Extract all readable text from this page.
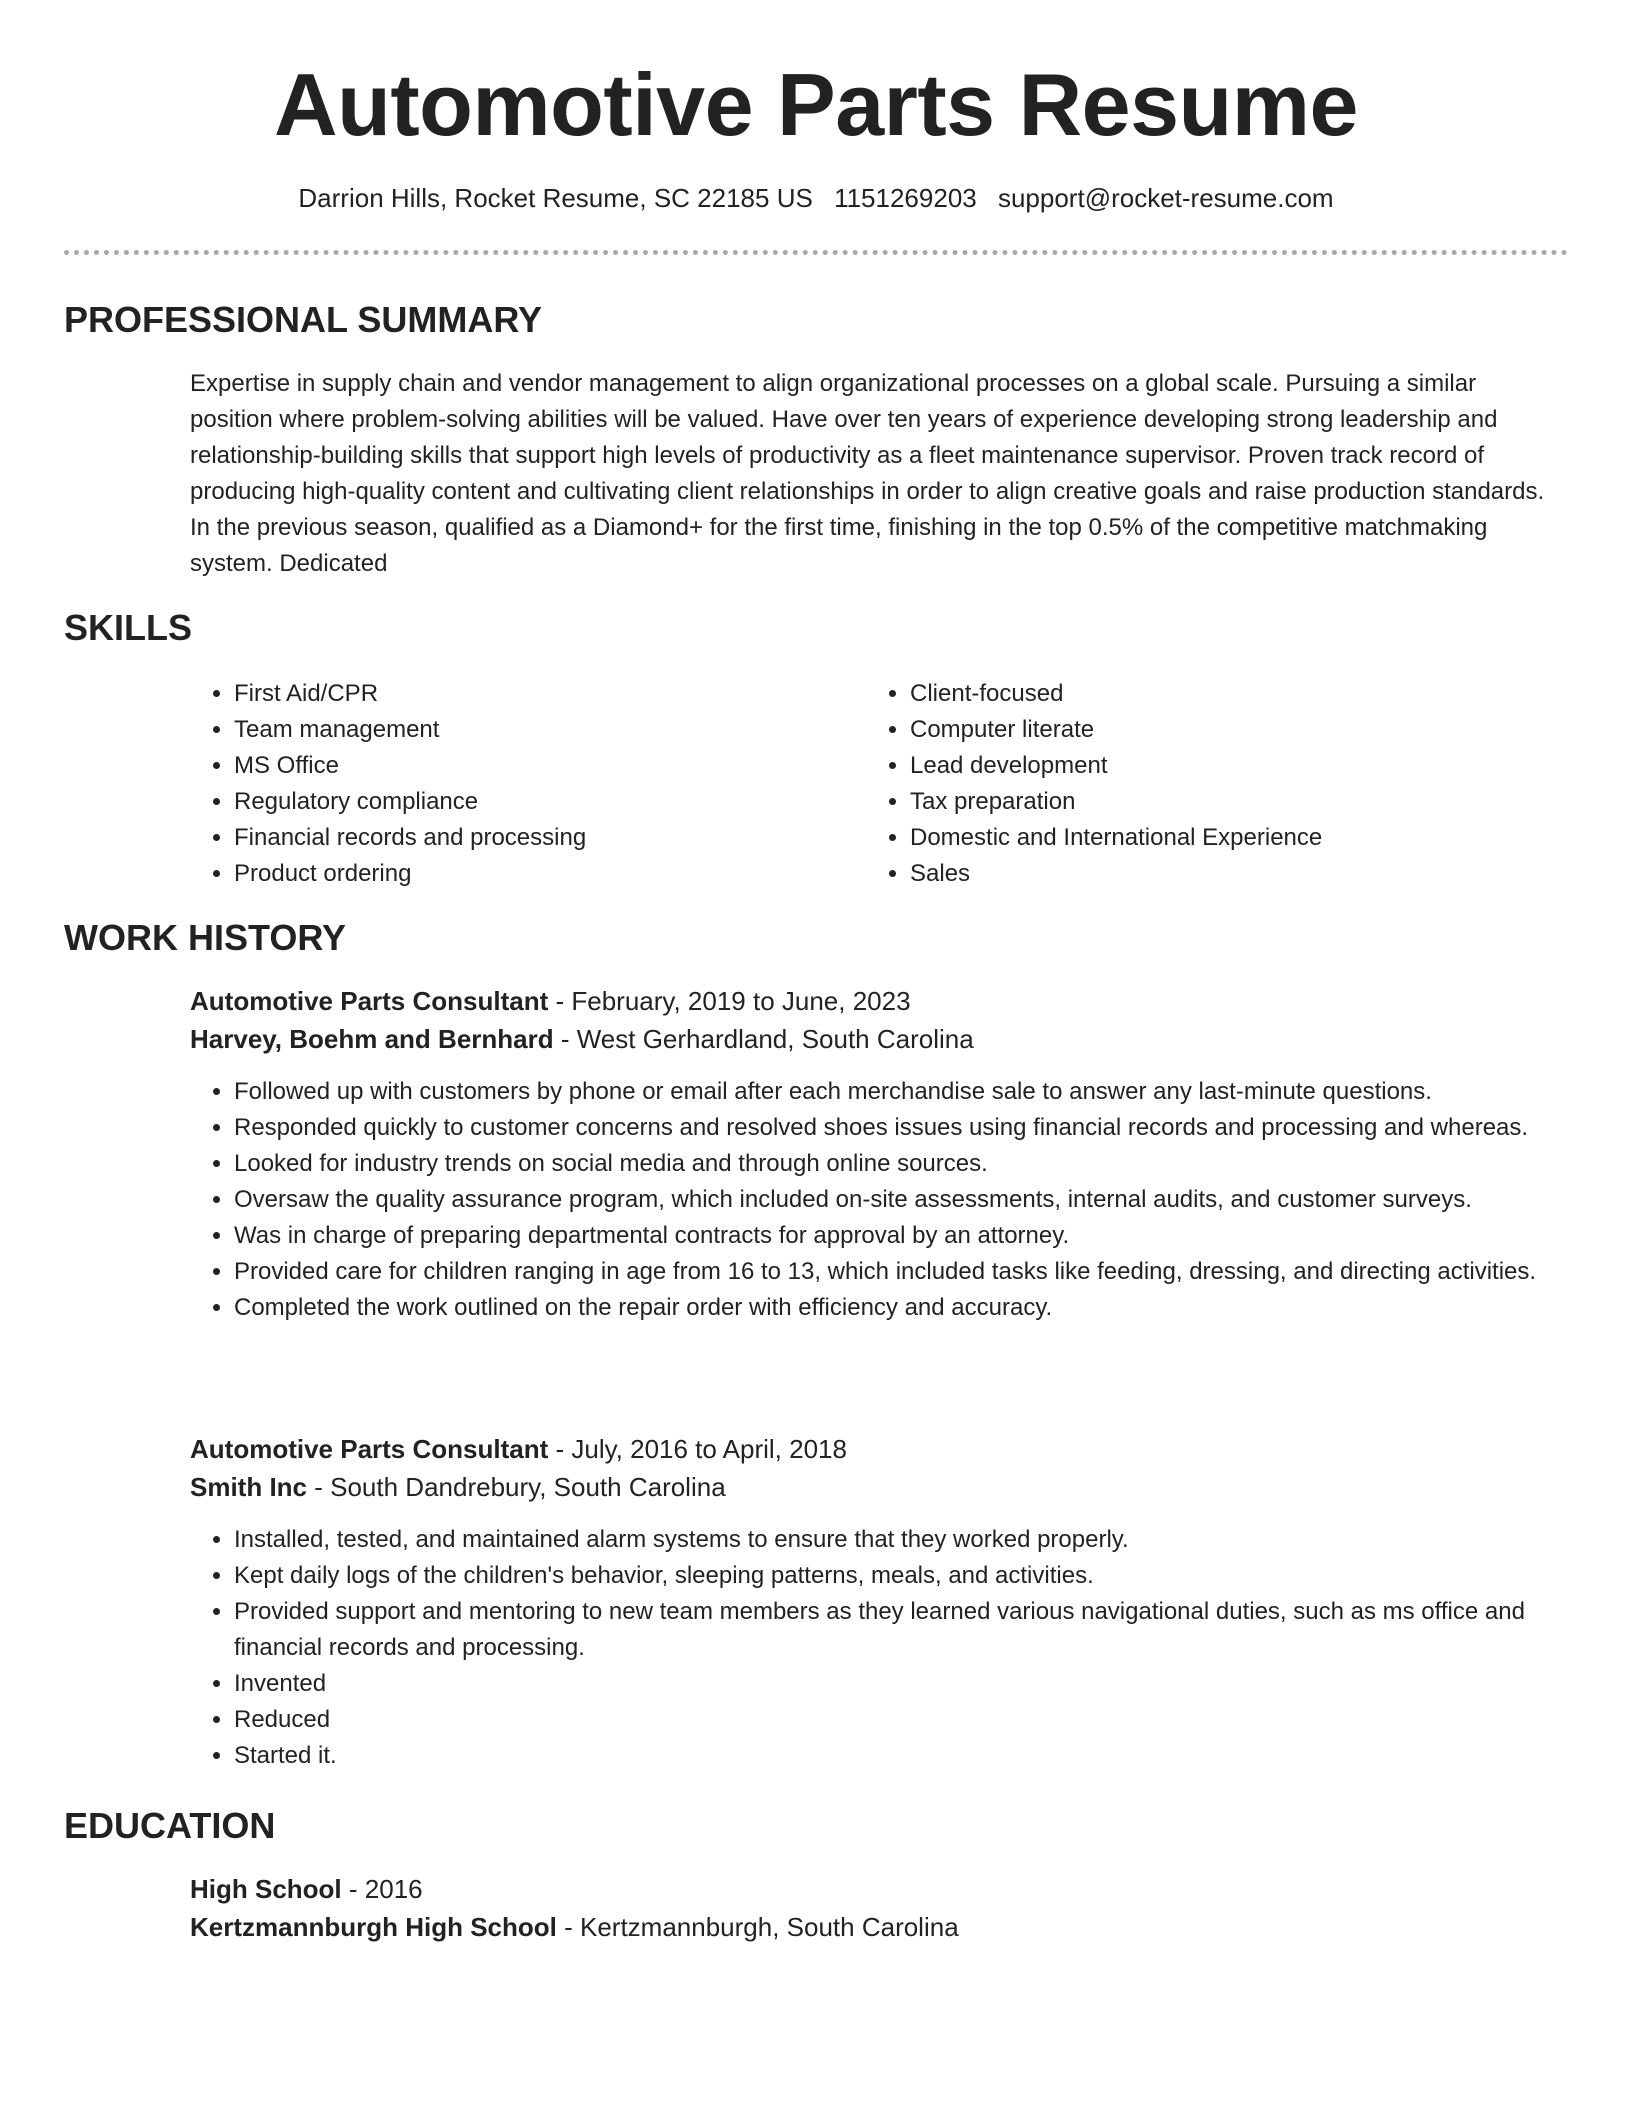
Automotive Parts Resume
Darrion Hills, Rocket Resume, SC 22185 US 1151269203 support@rocket-resume.com
PROFESSIONAL SUMMARY

Expertise in supply chain and vendor management to align organizational processes on a global scale. Pursuing a similar position where problem-solving abilities will be valued. Have over ten years of experience developing strong leadership and relationship-building skills that support high levels of productivity as a fleet maintenance supervisor. Proven track record of producing high-quality content and cultivating client relationships in order to align creative goals and raise production standards. In the previous season, qualified as a Diamond+ for the first time, finishing in the top 0.5% of the competitive matchmaking system. Dedicated

SKILLS
• First Aid/CPR
• Team management
• MS Office
• Regulatory compliance
• Financial records and processing
• Product ordering
• Client-focused
• Computer literate
• Lead development
• Tax preparation
• Domestic and International Experience
• Sales
WORK HISTORY

Automotive Parts Consultant - February, 2019 to June, 2023

Harvey, Boehm and Bernhard - West Gerhardland, South Carolina

• Followed up with customers by phone or email after each merchandise sale to answer any last-minute questions.
• Responded quickly to customer concerns and resolved shoes issues using financial records and processing and whereas.
• Looked for industry trends on social media and through online sources.
• Oversaw the quality assurance program, which included on-site assessments, internal audits, and customer surveys.
• Was in charge of preparing departmental contracts for approval by an attorney.
• Provided care for children ranging in age from 16 to 13, which included tasks like feeding, dressing, and directing activities.
• Completed the work outlined on the repair order with efficiency and accuracy.

Automotive Parts Consultant - July, 2016 to April, 2018

Smith Inc - South Dandrebury, South Carolina

• Installed, tested, and maintained alarm systems to ensure that they worked properly.
• Kept daily logs of the children's behavior, sleeping patterns, meals, and activities.
• Provided support and mentoring to new team members as they learned various navigational duties, such as ms office and financial records and processing.
• Invented
• Reduced
• Started it.
EDUCATION

High School - 2016

Kertzmannburgh High School - Kertzmannburgh, South Carolina
